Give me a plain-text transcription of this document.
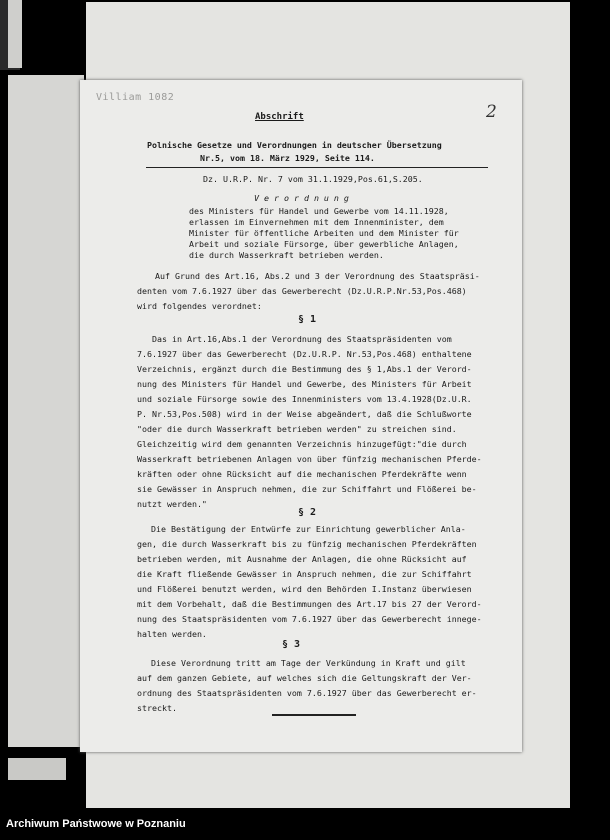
Villiam 1082
2
Abschrift
Polnische Gesetze und Verordnungen in deutscher Übersetzung
Nr.5, vom 18. März 1929, Seite 114.
Dz. U.R.P. Nr. 7 vom 31.1.1929,Pos.61,S.205.
V e r o r d n u n g
des Ministers für Handel und Gewerbe vom 14.11.1928,
erlassen im Einvernehmen mit dem Innenminister, dem
Minister für öffentliche Arbeiten und dem Minister für
Arbeit und soziale Fürsorge, über gewerbliche Anlagen,
die durch Wasserkraft betrieben werden.
Auf Grund des Art.16, Abs.2 und 3 der Verordnung des Staatspräsi-
denten vom 7.6.1927 über das Gewerberecht (Dz.U.R.P.Nr.53,Pos.468)
wird folgendes verordnet:
§ 1
Das in Art.16,Abs.1 der Verordnung des Staatspräsidenten vom
7.6.1927 über das Gewerberecht (Dz.U.R.P. Nr.53,Pos.468) enthaltene
Verzeichnis, ergänzt durch die Bestimmung des § 1,Abs.1 der Verord-
nung des Ministers für Handel und Gewerbe, des Ministers für Arbeit
und soziale Fürsorge sowie des Innenministers vom 13.4.1928(Dz.U.R.
P. Nr.53,Pos.508) wird in der Weise abgeändert, daß die Schlußworte
"oder die durch Wasserkraft betrieben werden" zu streichen sind.
Gleichzeitig wird dem genannten Verzeichnis hinzugefügt:"die durch
Wasserkraft betriebenen Anlagen von über fünfzig mechanischen Pferde-
kräften oder ohne Rücksicht auf die mechanischen Pferdekräfte wenn
sie Gewässer in Anspruch nehmen, die zur Schiffahrt und Flößerei be-
nutzt werden."
§ 2
Die Bestätigung der Entwürfe zur Einrichtung gewerblicher Anla-
gen, die durch Wasserkraft bis zu fünfzig mechanischen Pferdekräften
betrieben werden, mit Ausnahme der Anlagen, die ohne Rücksicht auf
die Kraft fließende Gewässer in Anspruch nehmen, die zur Schiffahrt
und Flößerei benutzt werden, wird den Behörden I.Instanz überwiesen
mit dem Vorbehalt, daß die Bestimmungen des Art.17 bis 27 der Verord-
nung des Staatspräsidenten vom 7.6.1927 über das Gewerberecht innege-
halten werden.
§ 3
Diese Verordnung tritt am Tage der Verkündung in Kraft und gilt
auf dem ganzen Gebiete, auf welches sich die Geltungskraft der Ver-
ordnung des Staatspräsidenten vom 7.6.1927 über das Gewerberecht er-
streckt.
Archiwum Państwowe w Poznaniu
